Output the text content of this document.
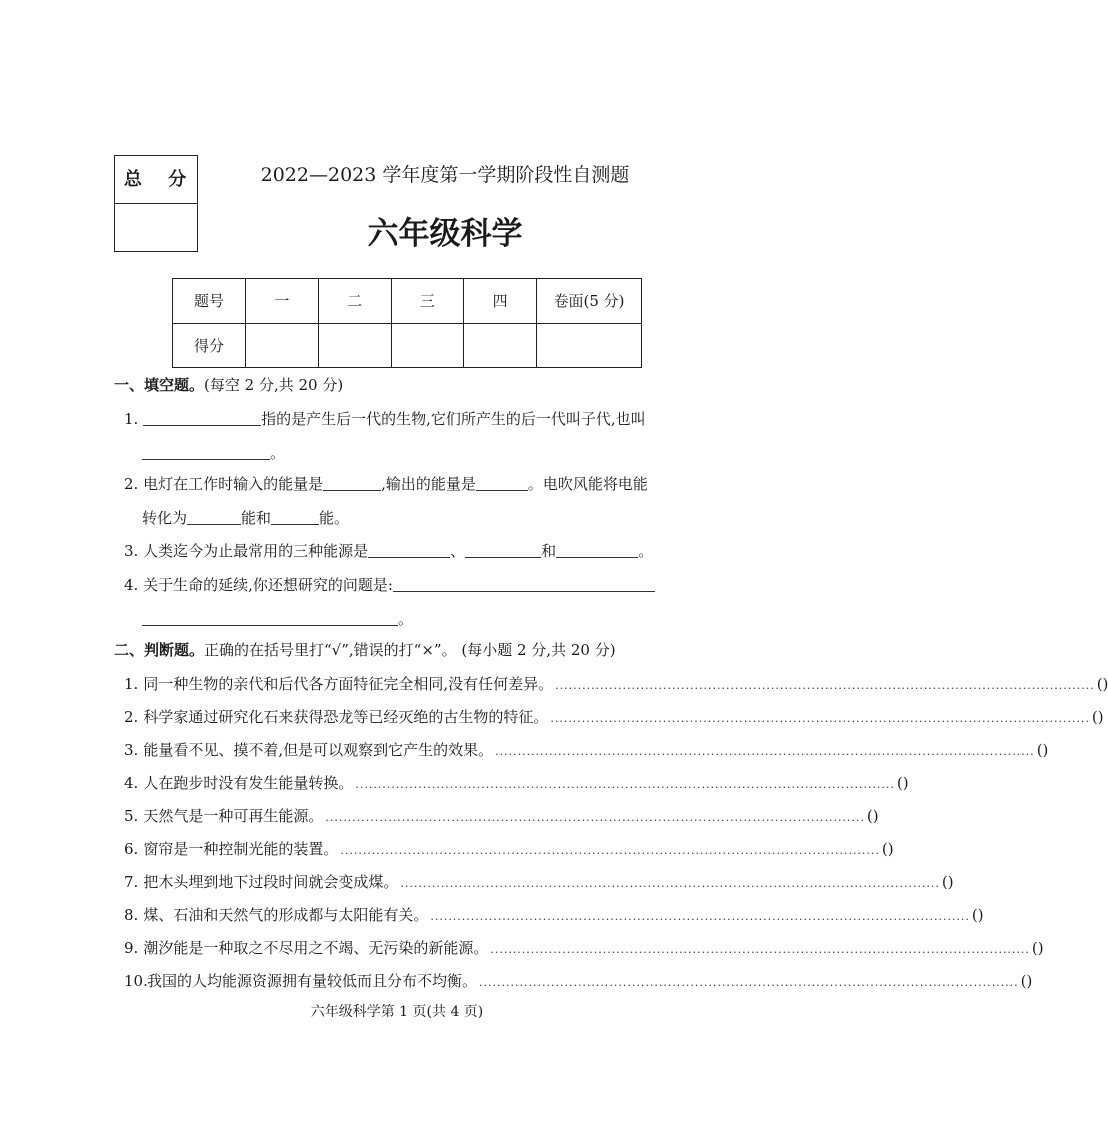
总 分	2022—2023 学年度第一学期阶段性自测题
六年级科学
题号	一	二	三	四	卷面(5 分)
得分					
一、填空题。(每空 2 分,共 20 分)
1.	指的是产生后一代的生物,它们所产生的后一代叫子代,也叫
。
2. 电灯在工作时输入的能量是	,输出的能量是	。电吹风能将电能
转化为	能和	能。
3. 人类迄今为止最常用的三种能源是	、	和	。
4. 关于生命的延续,你还想研究的问题是:
。
二、判断题。正确的在括号里打“√”,错误的打“×”。 (每小题 2 分,共 20 分)
1. 同一种生物的亲代和后代各方面特征完全相同,没有任何差异。 ........................................................................................................................ ( )
2. 科学家通过研究化石来获得恐龙等已经灭绝的古生物的特征。 ........................................................................................................................ ( )
3. 能量看不见、摸不着,但是可以观察到它产生的效果。 ........................................................................................................................ ( )
4. 人在跑步时没有发生能量转换。 ........................................................................................................................ ( )
5. 天然气是一种可再生能源。 ........................................................................................................................ ( )
6. 窗帘是一种控制光能的装置。 ........................................................................................................................ ( )
7. 把木头埋到地下过段时间就会变成煤。 ........................................................................................................................ ( )
8. 煤、石油和天然气的形成都与太阳能有关。 ........................................................................................................................ ( )
9. 潮汐能是一种取之不尽用之不竭、无污染的新能源。 ........................................................................................................................ ( )
10. 我国的人均能源资源拥有量较低而且分布不均衡。 ........................................................................................................................ ( )
六年级科学第 1 页(共 4 页)
